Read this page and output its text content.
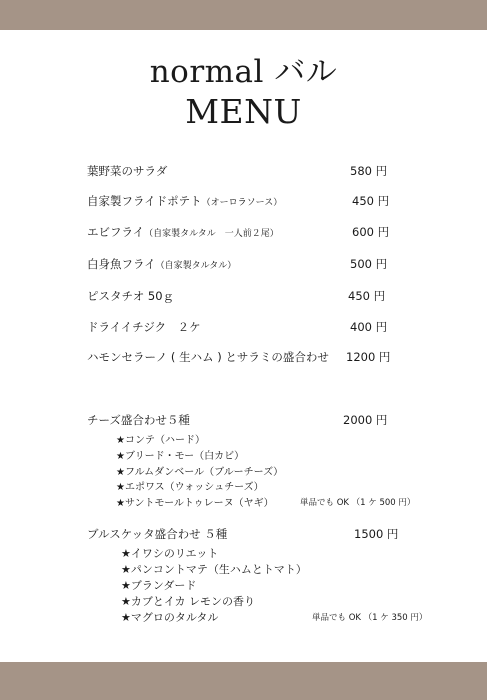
normal バル
MENU
葉野菜のサラダ	580 円
自家製フライドポテト（オーロラソース）	450 円
エビフライ（自家製タルタル　一人前２尾）	600 円
白身魚フライ（自家製タルタル）	500 円
ピスタチオ 50ｇ	450 円
ドライイチジク　２ケ	400 円
ハモンセラーノ ( 生ハム ) とサラミの盛合わせ 1200 円
チーズ盛合わせ５種	2000 円
★コンテ（ハード）
★ブリード・モー（白カビ）
★フルムダンベール（ブルーチーズ）
★エポワス（ウォッシュチーズ）
★サントモールトゥレーヌ（ヤギ）	単品でも OK （1 ケ 500 円）
ブルスケッタ盛合わせ ５種	1500 円
★イワシのリエット
★パンコントマテ（生ハムとトマト）
★ブランダード
★カブとイカ レモンの香り
★マグロのタルタル	単品でも OK （1 ケ 350 円）
